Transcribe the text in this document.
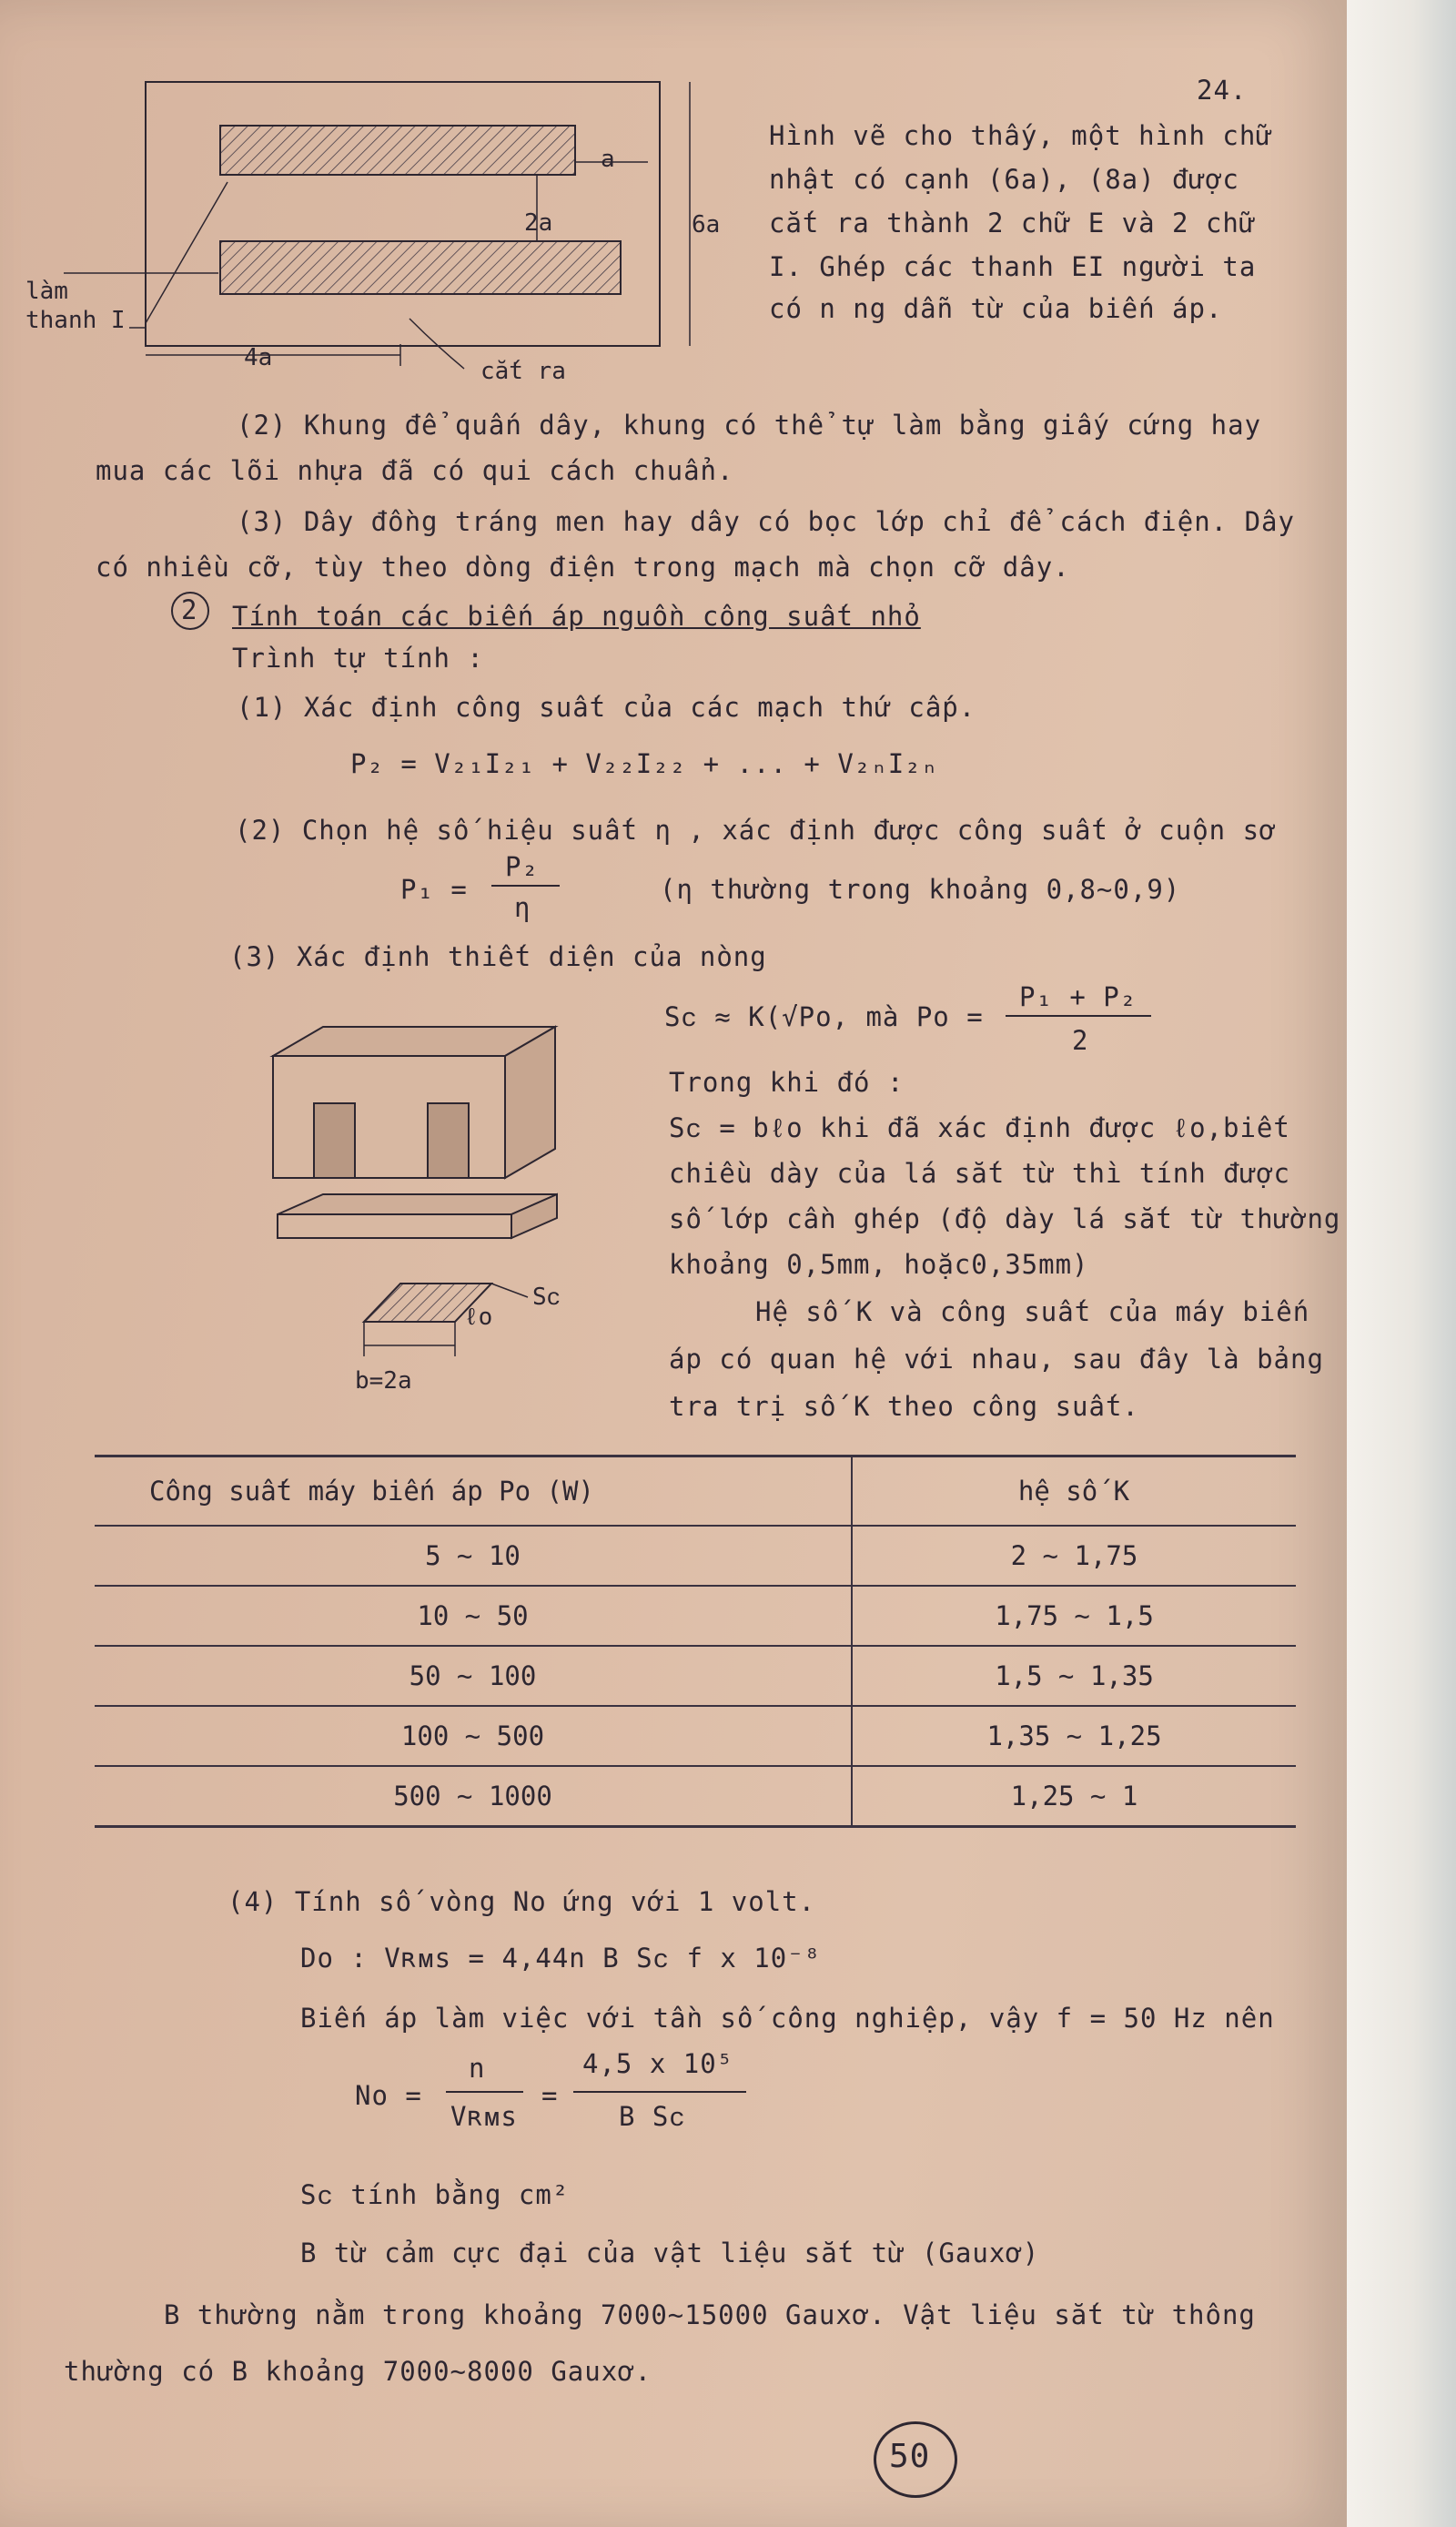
24.
a
2a	6a
4a
làm
thanh I
cắt ra
Hình vẽ cho thấy, một hình chữ
nhật có cạnh (6a), (8a) được
cắt ra thành 2 chữ E và 2 chữ
I. Ghép các thanh EI người ta
có n ng dẫn từ của biến áp.
(2) Khung để quấn dây, khung có thể tự làm bằng giấy cứng hay
mua các lõi nhựa đã có qui cách chuẩn.
(3) Dây đồng tráng men hay dây có bọc lớp chỉ để cách điện. Dây
có nhiều cỡ, tùy theo dòng điện trong mạch mà chọn cỡ dây.
2 Tính toán các biến áp nguồn công suất nhỏ
Trình tự tính :
(1) Xác định công suất của các mạch thứ cấp.
P₂ = V₂₁I₂₁ + V₂₂I₂₂ + ... + V₂ₙI₂ₙ
(2) Chọn hệ số hiệu suất η , xác định được công suất ở cuộn sơ
P₁ =
P₂
η
(η thường trong khoảng 0,8∼0,9)
(3) Xác định thiết diện của nòng
Sᴄ ≈ K(√Po, mà Po =
P₁ + P₂
2
Trong khi đó :
Sᴄ = bℓo khi đã xác định được ℓo,biết
chiều dày của lá sắt từ thì tính được
số lớp cần ghép (độ dày lá sắt từ thường
khoảng 0,5mm, hoặc0,35mm)
Hệ số K và công suất của máy biến
áp có quan hệ với nhau, sau đây là bảng
tra trị số K theo công suất.
Sᴄ
ℓo
b=2a
Công suất máy biến áp Po (W)	hệ số K
5 ∼ 10	2 ∼ 1,75
10 ∼ 50	1,75 ∼ 1,5
50 ∼ 100	1,5 ∼ 1,35
100 ∼ 500	1,35 ∼ 1,25
500 ∼ 1000	1,25 ∼ 1
(4) Tính số vòng No ứng với 1 volt.
Do : Vʀᴍѕ = 4,44n B Sᴄ f x 10⁻⁸
Biến áp làm việc với tần số công nghiệp, vậy f = 50 Hz nên
No =
n
Vʀᴍѕ
=
4,5 x 10⁵
B Sᴄ
Sᴄ tính bằng cm²
B từ cảm cực đại của vật liệu sắt từ (Gauxơ)
B thường nằm trong khoảng 7000∼15000 Gauxơ. Vật liệu sắt từ thông
thường có B khoảng 7000∼8000 Gauxơ.
50
